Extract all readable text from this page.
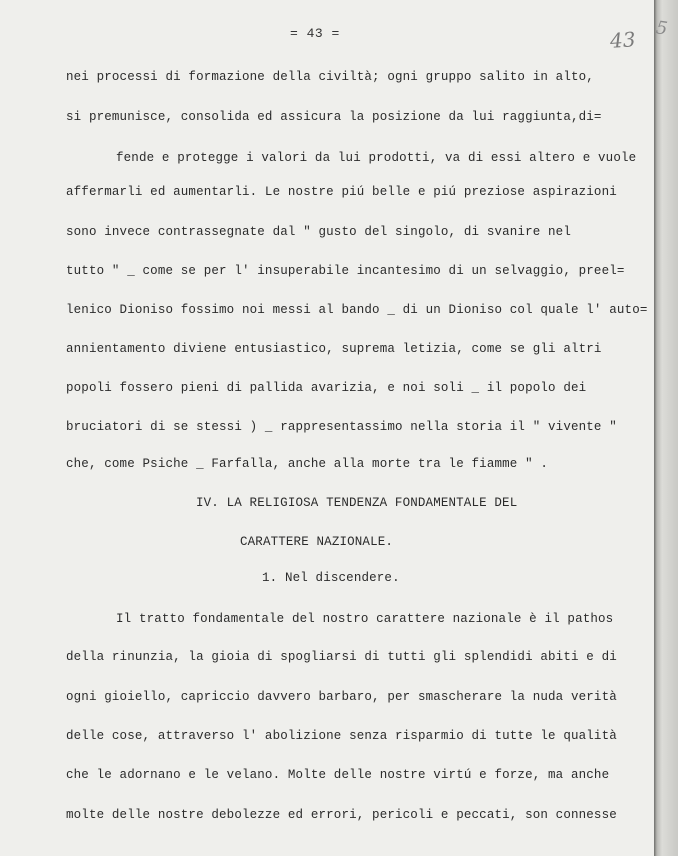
= 43 =
nei processi di formazione della civiltà; ogni gruppo salito in alto,
si premunisce, consolida ed assicura la posizione da lui raggiunta,di=
fende e protegge i valori da lui prodotti, va di essi altero e vuole
affermarli ed aumentarli. Le nostre piú belle e piú preziose aspirazioni
sono invece contrassegnate dal " gusto del singolo, di svanire nel
tutto " _ come se per l' insuperabile incantesimo di un selvaggio, preel=
lenico Dioniso fossimo noi messi al bando _ di un Dioniso col quale l' auto=
annientamento diviene entusiastico, suprema letizia, come se gli altri
popoli fossero pieni di pallida avarizia, e noi soli _ il popolo dei
bruciatori di se stessi ) _ rappresentassimo nella storia il " vivente "
che, come Psiche _ Farfalla, anche alla morte tra le fiamme " .
IV. LA RELIGIOSA TENDENZA FONDAMENTALE DEL
CARATTERE NAZIONALE.
1. Nel discendere.
Il tratto fondamentale del nostro carattere nazionale è il pathos
della rinunzia, la gioia di spogliarsi di tutti gli splendidi abiti e di
ogni gioiello, capriccio davvero barbaro, per smascherare la nuda verità
delle cose, attraverso l' abolizione senza risparmio di tutte le qualità
che le adornano e le velano. Molte delle nostre virtú e forze, ma anche
molte delle nostre debolezze ed errori, pericoli e peccati, son connesse
43 5
